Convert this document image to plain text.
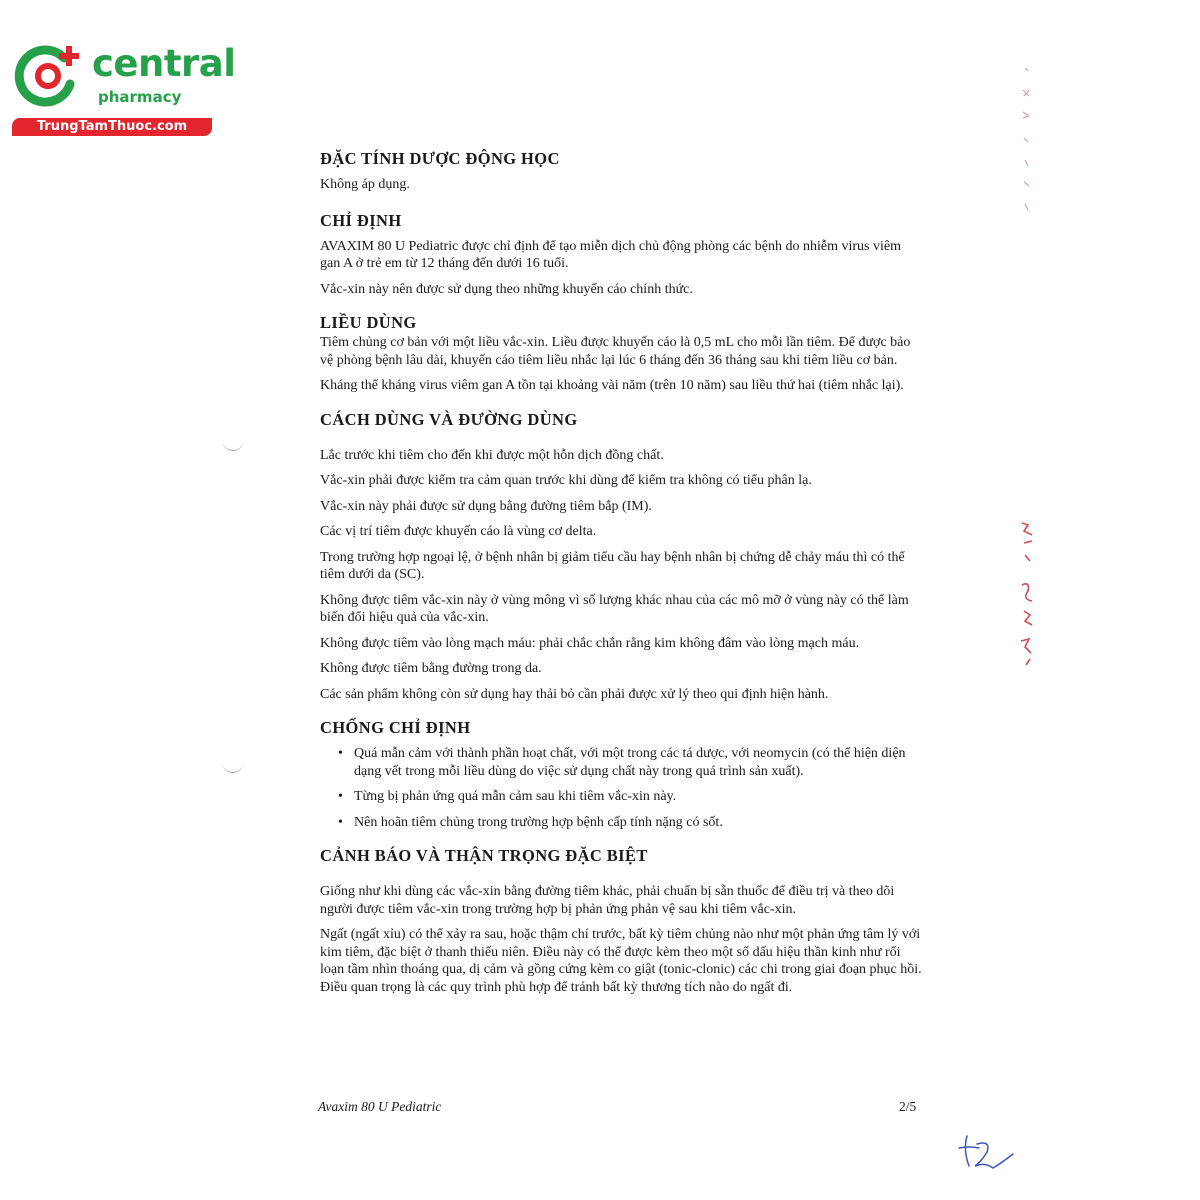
central
pharmacy
TrungTamThuoc.com
ĐẶC TÍNH DƯỢC ĐỘNG HỌC

Không áp dụng.

CHỈ ĐỊNH

AVAXIM 80 U Pediatric được chỉ định để tạo miễn dịch chủ động phòng các bệnh do nhiễm virus viêm gan A ở trẻ em từ 12 tháng đến dưới 16 tuổi.

Vắc-xin này nên được sử dụng theo những khuyến cáo chính thức.

LIỀU DÙNG

Tiêm chủng cơ bản với một liều vắc-xin. Liều được khuyến cáo là 0,5 mL cho mỗi lần tiêm. Để được bảo vệ phòng bệnh lâu dài, khuyến cáo tiêm liều nhắc lại lúc 6 tháng đến 36 tháng sau khi tiêm liều cơ bản.

Kháng thể kháng virus viêm gan A tồn tại khoảng vài năm (trên 10 năm) sau liều thứ hai (tiêm nhắc lại).

CÁCH DÙNG VÀ ĐƯỜNG DÙNG

Lắc trước khi tiêm cho đến khi được một hỗn dịch đồng chất.

Vắc-xin phải được kiểm tra cảm quan trước khi dùng để kiểm tra không có tiểu phân lạ.

Vắc-xin này phải được sử dụng bằng đường tiêm bắp (IM).

Các vị trí tiêm được khuyến cáo là vùng cơ delta.

Trong trường hợp ngoại lệ, ở bệnh nhân bị giảm tiểu cầu hay bệnh nhân bị chứng dễ chảy máu thì có thể tiêm dưới da (SC).

Không được tiêm vắc-xin này ở vùng mông vì số lượng khác nhau của các mô mỡ ở vùng này có thể làm biến đổi hiệu quả của vắc-xin.

Không được tiêm vào lòng mạch máu: phải chắc chắn rằng kim không đâm vào lòng mạch máu.

Không được tiêm bằng đường trong da.

Các sản phẩm không còn sử dụng hay thải bỏ cần phải được xử lý theo qui định hiện hành.

CHỐNG CHỈ ĐỊNH
• Quá mẫn cảm với thành phần hoạt chất, với một trong các tá dược, với neomycin (có thể hiện diện dạng vết trong mỗi liều dùng do việc sử dụng chất này trong quá trình sản xuất).
• Từng bị phản ứng quá mẫn cảm sau khi tiêm vắc-xin này.
• Nên hoãn tiêm chủng trong trường hợp bệnh cấp tính nặng có sốt.
CẢNH BÁO VÀ THẬN TRỌNG ĐẶC BIỆT

Giống như khi dùng các vắc-xin bằng đường tiêm khác, phải chuẩn bị sẵn thuốc để điều trị và theo dõi người được tiêm vắc-xin trong trường hợp bị phản ứng phản vệ sau khi tiêm vắc-xin.

Ngất (ngất xỉu) có thể xảy ra sau, hoặc thậm chí trước, bất kỳ tiêm chủng nào như một phản ứng tâm lý với kim tiêm, đặc biệt ở thanh thiếu niên. Điều này có thể được kèm theo một số dấu hiệu thần kinh như rối loạn tầm nhìn thoáng qua, dị cảm và gồng cứng kèm co giật (tonic-clonic) các chi trong giai đoạn phục hồi. Điều quan trọng là các quy trình phù hợp để tránh bất kỳ thương tích nào do ngất đi.

Avaxim 80 U Pediatric	2/5
